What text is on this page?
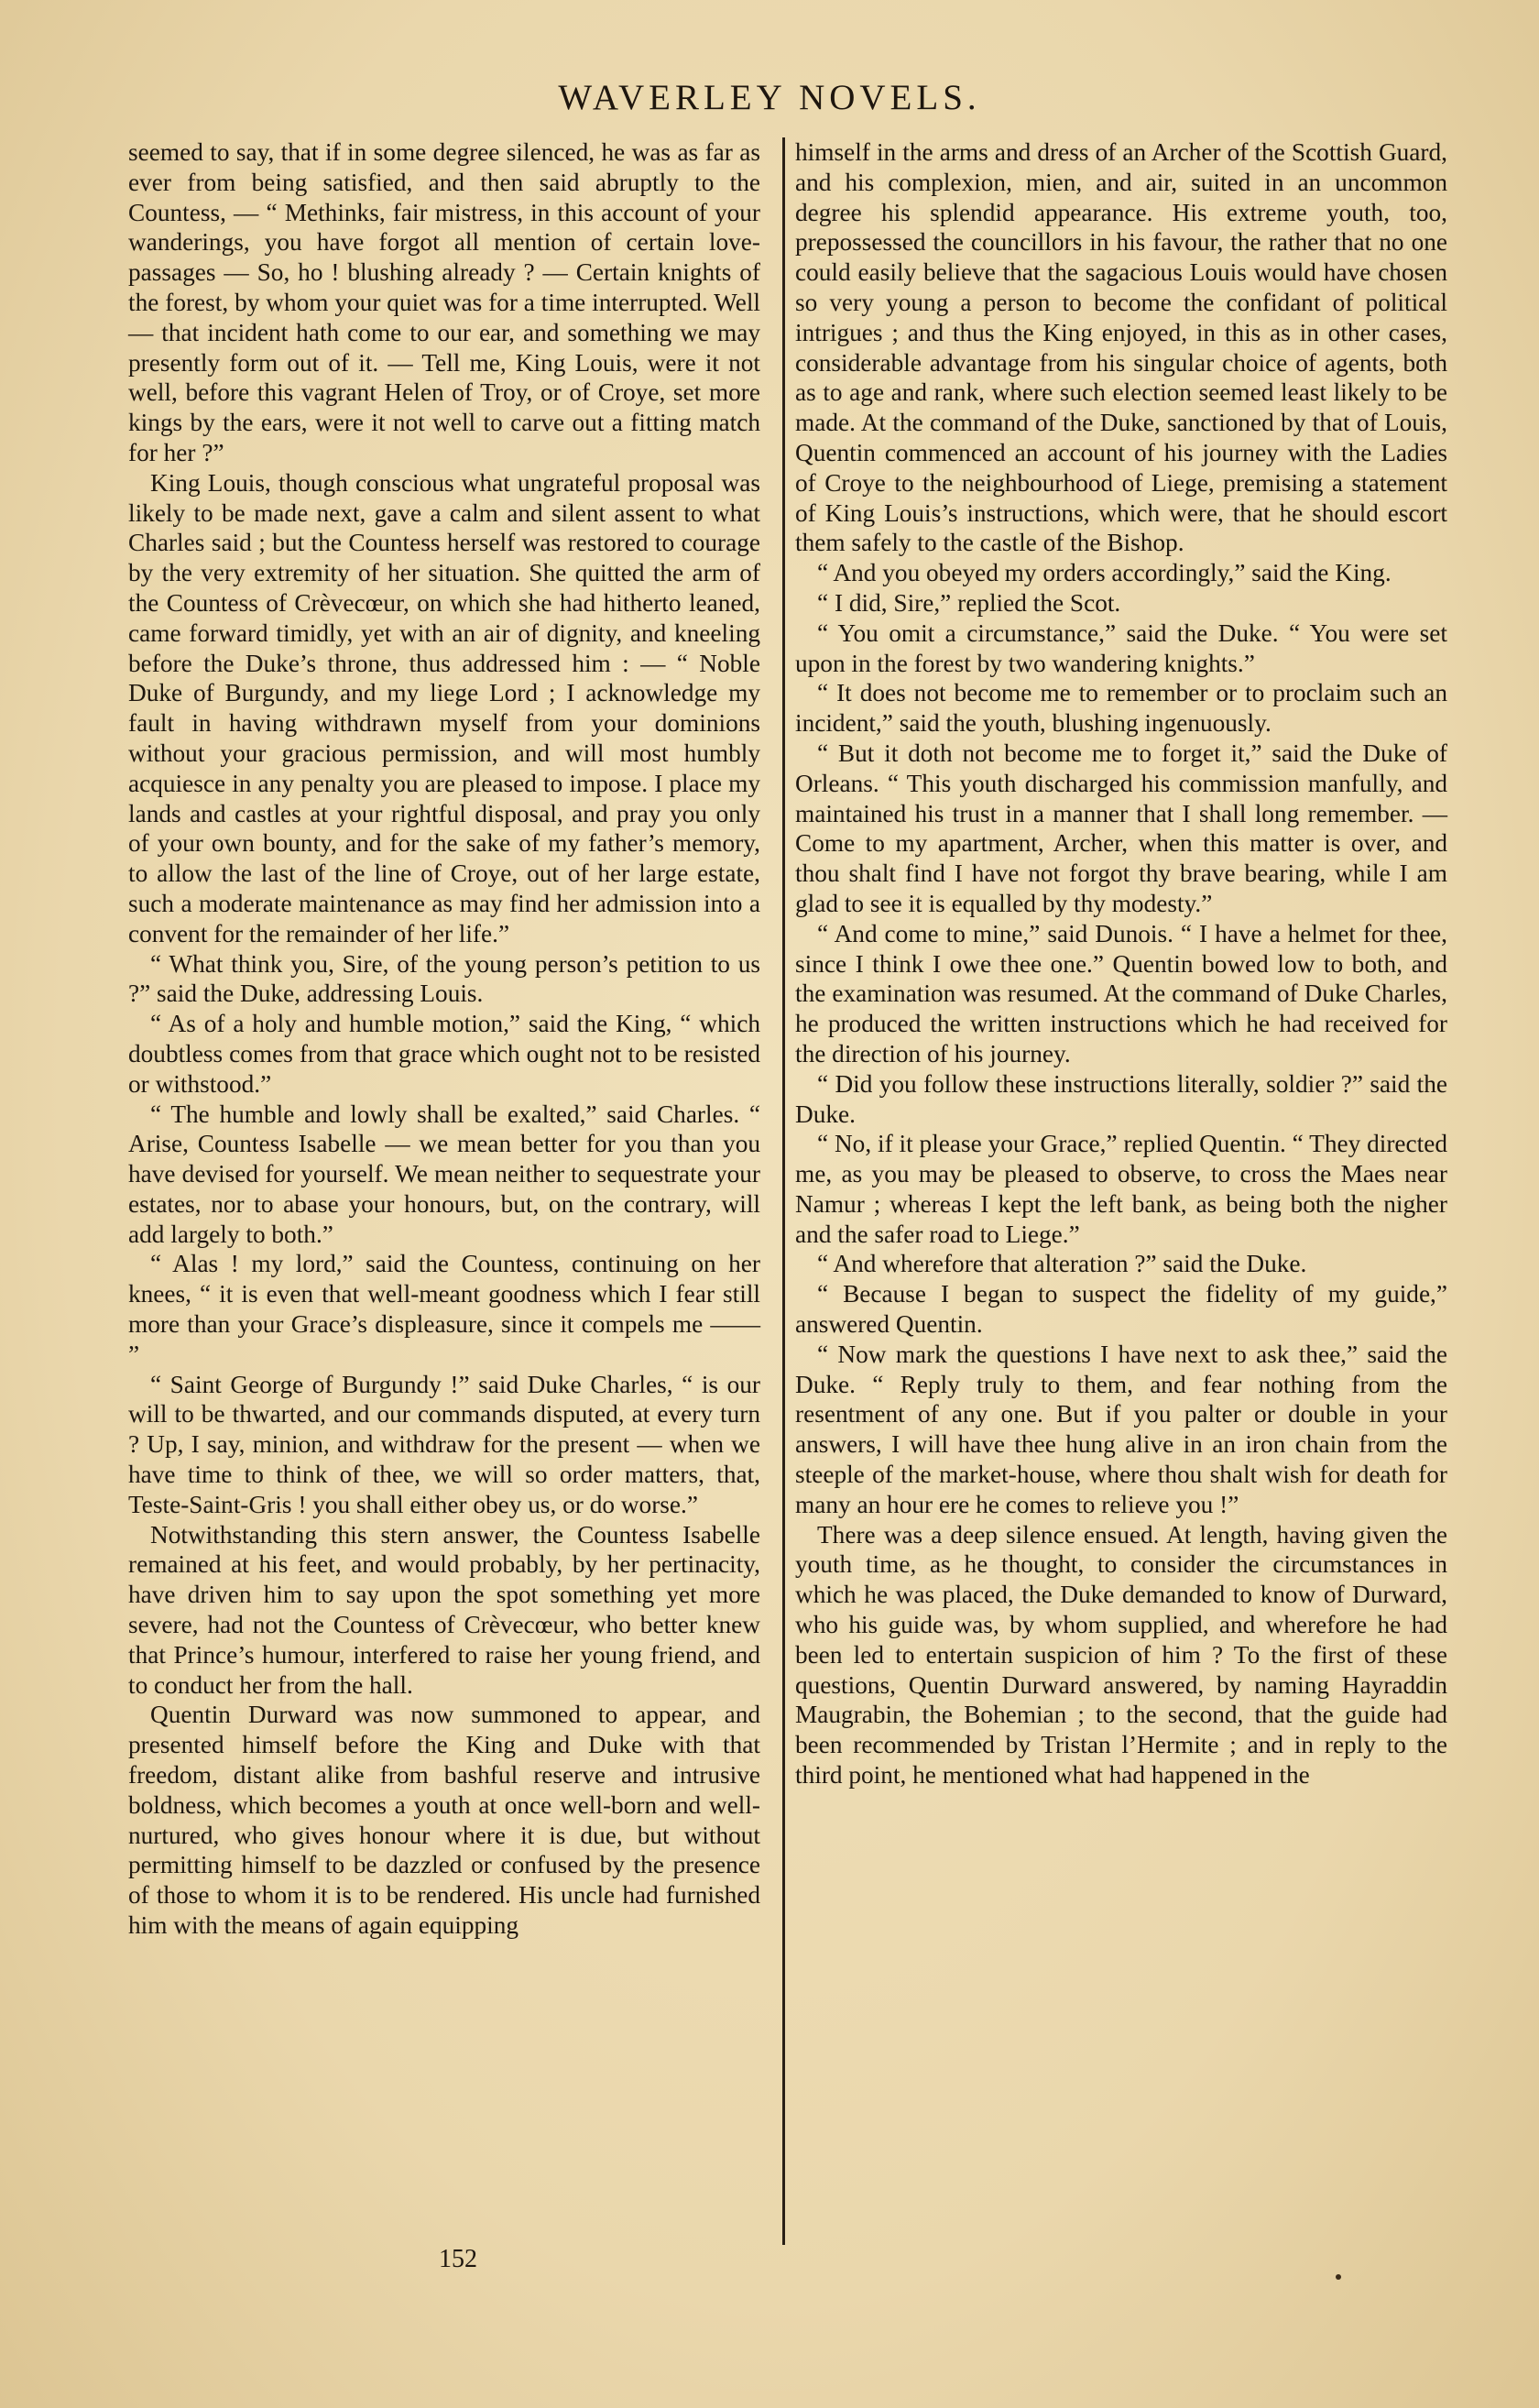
WAVERLEY NOVELS.

seemed to say, that if in some degree silenced, he was as far as ever from being satisfied, and then said abruptly to the Countess, — “ Methinks, fair mistress, in this account of your wanderings, you have forgot all mention of certain love-passages — So, ho ! blushing already ? — Certain knights of the forest, by whom your quiet was for a time interrupted. Well — that incident hath come to our ear, and something we may presently form out of it. — Tell me, King Louis, were it not well, before this vagrant Helen of Troy, or of Croye, set more kings by the ears, were it not well to carve out a fitting match for her ?”

King Louis, though conscious what ungrateful proposal was likely to be made next, gave a calm and silent assent to what Charles said ; but the Countess herself was restored to courage by the very extremity of her situation. She quitted the arm of the Countess of Crèvecœur, on which she had hitherto leaned, came forward timidly, yet with an air of dignity, and kneeling before the Duke’s throne, thus addressed him : — “ Noble Duke of Burgundy, and my liege Lord ; I acknowledge my fault in having withdrawn myself from your dominions without your gracious permission, and will most humbly acquiesce in any penalty you are pleased to impose. I place my lands and castles at your rightful disposal, and pray you only of your own bounty, and for the sake of my father’s memory, to allow the last of the line of Croye, out of her large estate, such a moderate maintenance as may find her admission into a convent for the remainder of her life.”

“ What think you, Sire, of the young person’s petition to us ?” said the Duke, addressing Louis.

“ As of a holy and humble motion,” said the King, “ which doubtless comes from that grace which ought not to be resisted or withstood.”

“ The humble and lowly shall be exalted,” said Charles. “ Arise, Countess Isabelle — we mean better for you than you have devised for yourself. We mean neither to sequestrate your estates, nor to abase your honours, but, on the contrary, will add largely to both.”

“ Alas ! my lord,” said the Countess, continuing on her knees, “ it is even that well-meant goodness which I fear still more than your Grace’s displeasure, since it compels me —— ”

“ Saint George of Burgundy !” said Duke Charles, “ is our will to be thwarted, and our commands disputed, at every turn ? Up, I say, minion, and withdraw for the present — when we have time to think of thee, we will so order matters, that, Teste-Saint-Gris ! you shall either obey us, or do worse.”

Notwithstanding this stern answer, the Countess Isabelle remained at his feet, and would probably, by her pertinacity, have driven him to say upon the spot something yet more severe, had not the Countess of Crèvecœur, who better knew that Prince’s humour, interfered to raise her young friend, and to conduct her from the hall.

Quentin Durward was now summoned to appear, and presented himself before the King and Duke with that freedom, distant alike from bashful reserve and intrusive boldness, which becomes a youth at once well-born and well-nurtured, who gives honour where it is due, but without permitting himself to be dazzled or confused by the presence of those to whom it is to be rendered. His uncle had furnished him with the means of again equipping

himself in the arms and dress of an Archer of the Scottish Guard, and his complexion, mien, and air, suited in an uncommon degree his splendid appearance. His extreme youth, too, prepossessed the councillors in his favour, the rather that no one could easily believe that the sagacious Louis would have chosen so very young a person to become the confidant of political intrigues ; and thus the King enjoyed, in this as in other cases, considerable advantage from his singular choice of agents, both as to age and rank, where such election seemed least likely to be made. At the command of the Duke, sanctioned by that of Louis, Quentin commenced an account of his journey with the Ladies of Croye to the neighbourhood of Liege, premising a statement of King Louis’s instructions, which were, that he should escort them safely to the castle of the Bishop.

“ And you obeyed my orders accordingly,” said the King.

“ I did, Sire,” replied the Scot.

“ You omit a circumstance,” said the Duke. “ You were set upon in the forest by two wandering knights.”

“ It does not become me to remember or to proclaim such an incident,” said the youth, blushing ingenuously.

“ But it doth not become me to forget it,” said the Duke of Orleans. “ This youth discharged his commission manfully, and maintained his trust in a manner that I shall long remember. — Come to my apartment, Archer, when this matter is over, and thou shalt find I have not forgot thy brave bearing, while I am glad to see it is equalled by thy modesty.”

“ And come to mine,” said Dunois. “ I have a helmet for thee, since I think I owe thee one.” Quentin bowed low to both, and the examination was resumed. At the command of Duke Charles, he produced the written instructions which he had received for the direction of his journey.

“ Did you follow these instructions literally, soldier ?” said the Duke.

“ No, if it please your Grace,” replied Quentin. “ They directed me, as you may be pleased to observe, to cross the Maes near Namur ; whereas I kept the left bank, as being both the nigher and the safer road to Liege.”

“ And wherefore that alteration ?” said the Duke.

“ Because I began to suspect the fidelity of my guide,” answered Quentin.

“ Now mark the questions I have next to ask thee,” said the Duke. “ Reply truly to them, and fear nothing from the resentment of any one. But if you palter or double in your answers, I will have thee hung alive in an iron chain from the steeple of the market-house, where thou shalt wish for death for many an hour ere he comes to relieve you !”

There was a deep silence ensued. At length, having given the youth time, as he thought, to consider the circumstances in which he was placed, the Duke demanded to know of Durward, who his guide was, by whom supplied, and wherefore he had been led to entertain suspicion of him ? To the first of these questions, Quentin Durward answered, by naming Hayraddin Maugrabin, the Bohemian ; to the second, that the guide had been recommended by Tristan l’Hermite ; and in reply to the third point, he mentioned what had happened in the

152
